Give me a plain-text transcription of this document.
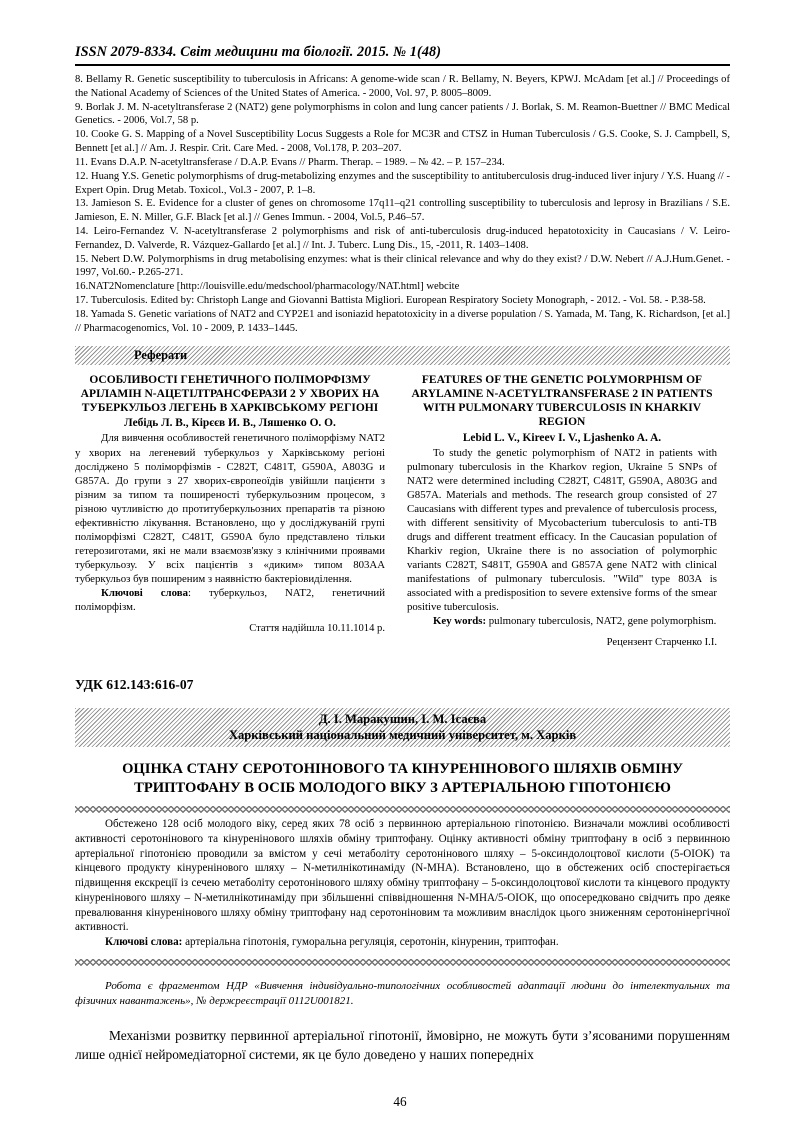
ISSN 2079-8334. Світ медицини та біології. 2015. № 1(48)

8. Bellamy R. Genetic susceptibility to tuberculosis in Africans: A genome-wide scan / R. Bellamy, N. Beyers, KPWJ. McAdam [et al.] // Proceedings of the National Academy of Sciences of the United States of America. - 2000, Vol. 97, P. 8005–8009.

9. Borlak J. M. N-acetyltransferase 2 (NAT2) gene polymorphisms in colon and lung cancer patients / J. Borlak, S. M. Reamon-Buettner // BMC Medical Genetics. - 2006, Vol.7, 58 p.

10. Cooke G. S. Mapping of a Novel Susceptibility Locus Suggests a Role for MC3R and CTSZ in Human Tuberculosis / G.S. Cooke, S. J. Campbell, S, Bennett [et al.] // Am. J. Respir. Crit. Care Med. - 2008, Vol.178, P. 203–207.

11. Evans D.A.P. N-acetyltransferase / D.A.P. Evans // Pharm. Therap. – 1989. – № 42. – P. 157–234.

12. Huang Y.S. Genetic polymorphisms of drug-metabolizing enzymes and the susceptibility to antituberculosis drug-induced liver injury / Y.S. Huang // - Expert Opin. Drug Metab. Toxicol., Vol.3 - 2007, P. 1–8.

13. Jamieson S. E. Evidence for a cluster of genes on chromosome 17q11–q21 controlling susceptibility to tuberculosis and leprosy in Brazilians / S.E. Jamieson, E. N. Miller, G.F. Black [et al.] // Genes Immun. - 2004, Vol.5, P.46–57.

14. Leiro-Fernandez V. N-acetyltransferase 2 polymorphisms and risk of anti-tuberculosis drug-induced hepatotoxicity in Caucasians / V. Leiro-Fernandez, D. Valverde, R. Vázquez-Gallardo [et al.] // Int. J. Tuberc. Lung Dis., 15, -2011, R. 1403–1408.

15. Nebert D.W. Polymorphisms in drug metabolising enzymes: what is their clinical relevance and why do they exist? / D.W. Nebert // A.J.Hum.Genet. - 1997, Vol.60.- P.265-271.

16.NAT2Nomenclature [http://louisville.edu/medschool/pharmacology/NAT.html] webcite

17. Tuberculosis. Edited by: Christoph Lange and Giovanni Battista Migliori. European Respiratory Society Monograph, - 2012. - Vol. 58. - P.38-58.

18. Yamada S. Genetic variations of NAT2 and CYP2E1 and isoniazid hepatotoxicity in a diverse population / S. Yamada, M. Tang, K. Richardson, [et al.] // Pharmacogenomics, Vol. 10 - 2009, P. 1433–1445.

Реферати
ОСОБЛИВОСТІ ГЕНЕТИЧНОГО ПОЛІМОРФІЗМУ АРІЛАМІН N-АЦЕТІЛТРАНСФЕРАЗИ 2 У ХВОРИХ НА ТУБЕРКУЛЬОЗ ЛЕГЕНЬ В ХАРКІВСЬКОМУ РЕГІОНІ
Лебідь Л. В., Кірєєв И. В., Ляшенко О. О.

Для вивчення особливостей генетичного поліморфізму NAT2 у хворих на легеневий туберкульоз у Харківському регіоні досліджено 5 поліморфізмів - C282T, C481T, G590A, A803G и G857A. До групи з 27 хворих-європеоїдів увійшли пацієнти з різним за типом та поширеності туберкульозним процесом, з різною чутливістю до протитуберкульозних препаратів та різною ефективністю лікування. Встановлено, що у досліджуваній групі поліморфізмі C282T, C481T, G590A було представлено тільки гетерозиготами, які не мали взаємозв'язку з клінічними проявами туберкульозу. У всіх пацієнтів з «диким» типом 803АА туберкульоз був поширеним з наявністю бактеріовиділення.

Ключові слова: туберкульоз, NAT2, генетичний поліморфізм.

Стаття надійшла 10.11.1014 р.
FEATURES OF THE GENETIC POLYMORPHISM OF ARYLAMINE N-ACETYLTRANSFERASE 2 IN PATIENTS WITH PULMONARY TUBERCULOSIS IN KHARKIV REGION
Lebid L. V., Kireev I. V., Ljashenko A. A.

To study the genetic polymorphism of NAT2 in patients with pulmonary tuberculosis in the Kharkov region, Ukraine 5 SNPs of NAT2 were determined including C282T, C481T, G590A, A803G and G857A. Materials and methods. The research group consisted of 27 Caucasians with different types and prevalence of tuberculosis process, with different sensitivity of Mycobacterium tuberculosis to anti-TB drugs and different treatment efficacy. In the Caucasian population of Kharkiv region, Ukraine there is no association of polymorphic variants C282T, S481T, G590A and G857A gene NAT2 with clinical manifestations of pulmonary tuberculosis. "Wild" type 803A is associated with a predisposition to severe extensive forms of the smear positive tuberculosis.

Key words: pulmonary tuberculosis, NAT2, gene polymorphism.

Рецензент Старченко І.І.
УДК 612.143:616-07
Д. І. Маракушин, І. М. Ісаєва
Харківський національний медичний університет, м. Харків
ОЦІНКА СТАНУ СЕРОТОНІНОВОГО ТА КІНУРЕНІНОВОГО ШЛЯХІВ ОБМІНУ ТРИПТОФАНУ В ОСІБ МОЛОДОГО ВІКУ З АРТЕРІАЛЬНОЮ ГІПОТОНІЄЮ

Обстежено 128 осіб молодого віку, серед яких 78 осіб з первинною артеріальною гіпотонією. Визначали можливі особливості активності серотонінового та кінуренінового шляхів обміну триптофану. Оцінку активності обміну триптофану в осіб з первинною артеріальної гіпотонією проводили за вмістом у сечі метаболіту серотонінового шляху – 5-оксиндолоцтової кислоти (5-ОІОК) та кінцевого продукту кінуренінового шляху – N-метилнікотинаміду (N-МНА). Встановлено, що в обстежених осіб спостерігається підвищення екскреції із сечею метаболіту серотонінового шляху обміну триптофану – 5-оксиндолоцтової кислоти та кінцевого продукту кінуренінового шляху – N-метилнікотинаміду при збільшенні співвідношення N-МНА/5-ОІОК, що опосередковано свідчить про деяке превалювання кінуренінового шляху обміну триптофану над серотоніновим та можливим внаслідок цього зниженням серотонінергічної активності.

Ключові слова: артеріальна гіпотонія, гуморальна регуляція, серотонін, кінуренин, триптофан.

Робота є фрагментом НДР «Вивчення індивідуально-типологічних особливостей адаптації людини до інтелектуальних та фізичних навантажень», № держреєстрації 0112U001821.

Механізми розвитку первинної артеріальної гіпотонії, ймовірно, не можуть бути з’ясованими порушенням лише однієї нейромедіаторної системи, як це було доведено у наших попередніх

46
